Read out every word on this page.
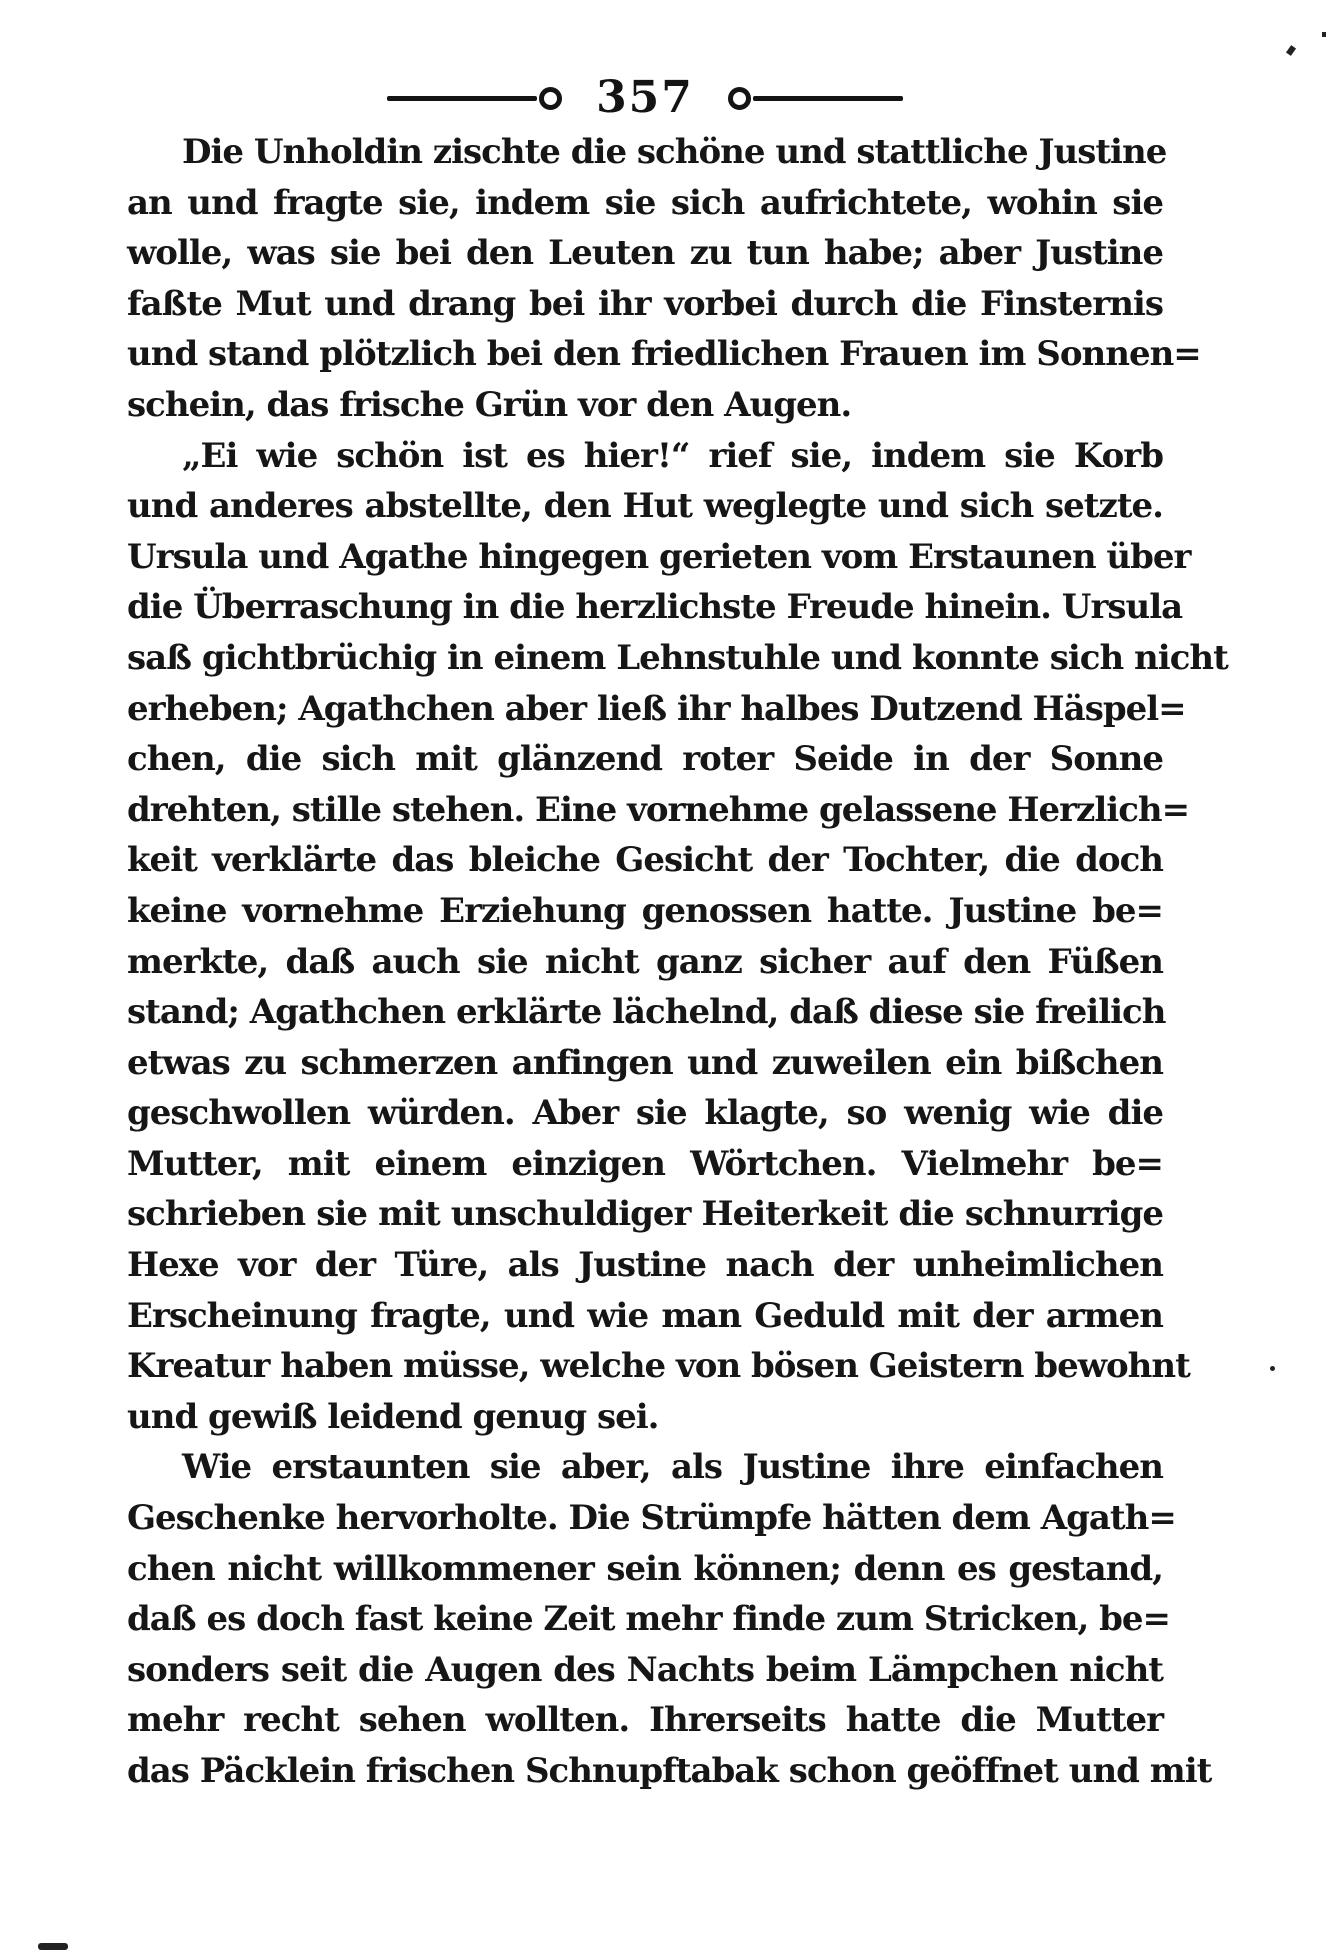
357
Die Unholdin zischte die schöne und stattliche Justine
an und fragte sie, indem sie sich aufrichtete, wohin sie
wolle, was sie bei den Leuten zu tun habe; aber Justine
faßte Mut und drang bei ihr vorbei durch die Finsternis
und stand plötzlich bei den friedlichen Frauen im Sonnen=
schein, das frische Grün vor den Augen.
„Ei wie schön ist es hier!“ rief sie, indem sie Korb
und anderes abstellte, den Hut weglegte und sich setzte.
Ursula und Agathe hingegen gerieten vom Erstaunen über
die Überraschung in die herzlichste Freude hinein. Ursula
saß gichtbrüchig in einem Lehnstuhle und konnte sich nicht
erheben; Agathchen aber ließ ihr halbes Dutzend Häspel=
chen, die sich mit glänzend roter Seide in der Sonne
drehten, stille stehen. Eine vornehme gelassene Herzlich=
keit verklärte das bleiche Gesicht der Tochter, die doch
keine vornehme Erziehung genossen hatte. Justine be=
merkte, daß auch sie nicht ganz sicher auf den Füßen
stand; Agathchen erklärte lächelnd, daß diese sie freilich
etwas zu schmerzen anfingen und zuweilen ein bißchen
geschwollen würden. Aber sie klagte, so wenig wie die
Mutter, mit einem einzigen Wörtchen. Vielmehr be=
schrieben sie mit unschuldiger Heiterkeit die schnurrige
Hexe vor der Türe, als Justine nach der unheimlichen
Erscheinung fragte, und wie man Geduld mit der armen
Kreatur haben müsse, welche von bösen Geistern bewohnt
und gewiß leidend genug sei.
Wie erstaunten sie aber, als Justine ihre einfachen
Geschenke hervorholte. Die Strümpfe hätten dem Agath=
chen nicht willkommener sein können; denn es gestand,
daß es doch fast keine Zeit mehr finde zum Stricken, be=
sonders seit die Augen des Nachts beim Lämpchen nicht
mehr recht sehen wollten. Ihrerseits hatte die Mutter
das Päcklein frischen Schnupftabak schon geöffnet und mit
